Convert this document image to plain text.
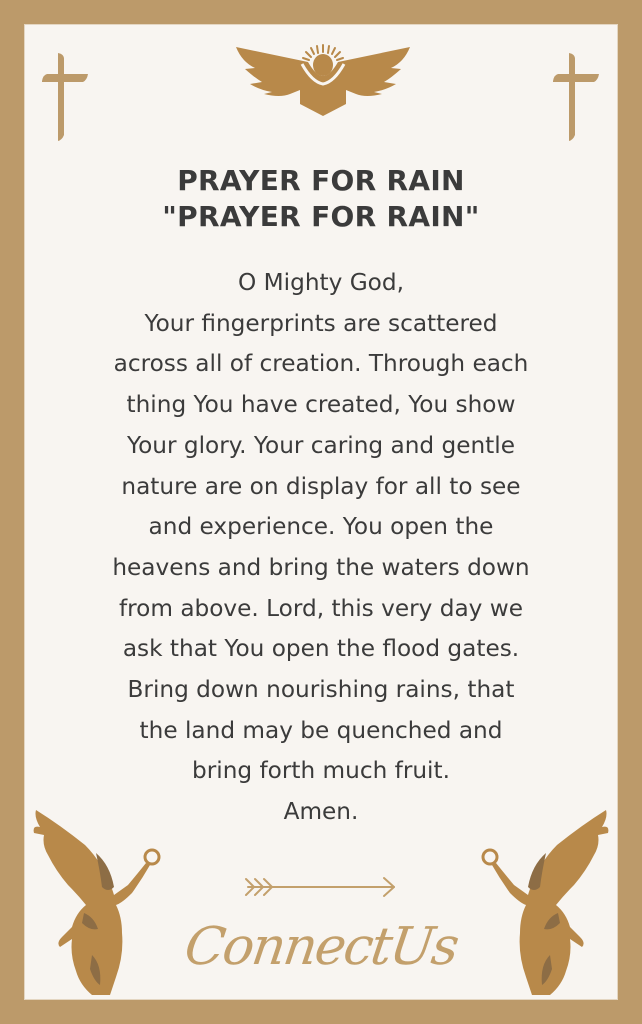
PRAYER FOR RAIN
"PRAYER FOR RAIN"
O Mighty God,
Your fingerprints are scattered
across all of creation. Through each
thing You have created, You show
Your glory. Your caring and gentle
nature are on display for all to see
and experience. You open the
heavens and bring the waters down
from above. Lord, this very day we
ask that You open the flood gates.
Bring down nourishing rains, that
the land may be quenched and
bring forth much fruit.
Amen.
ConnectUs
